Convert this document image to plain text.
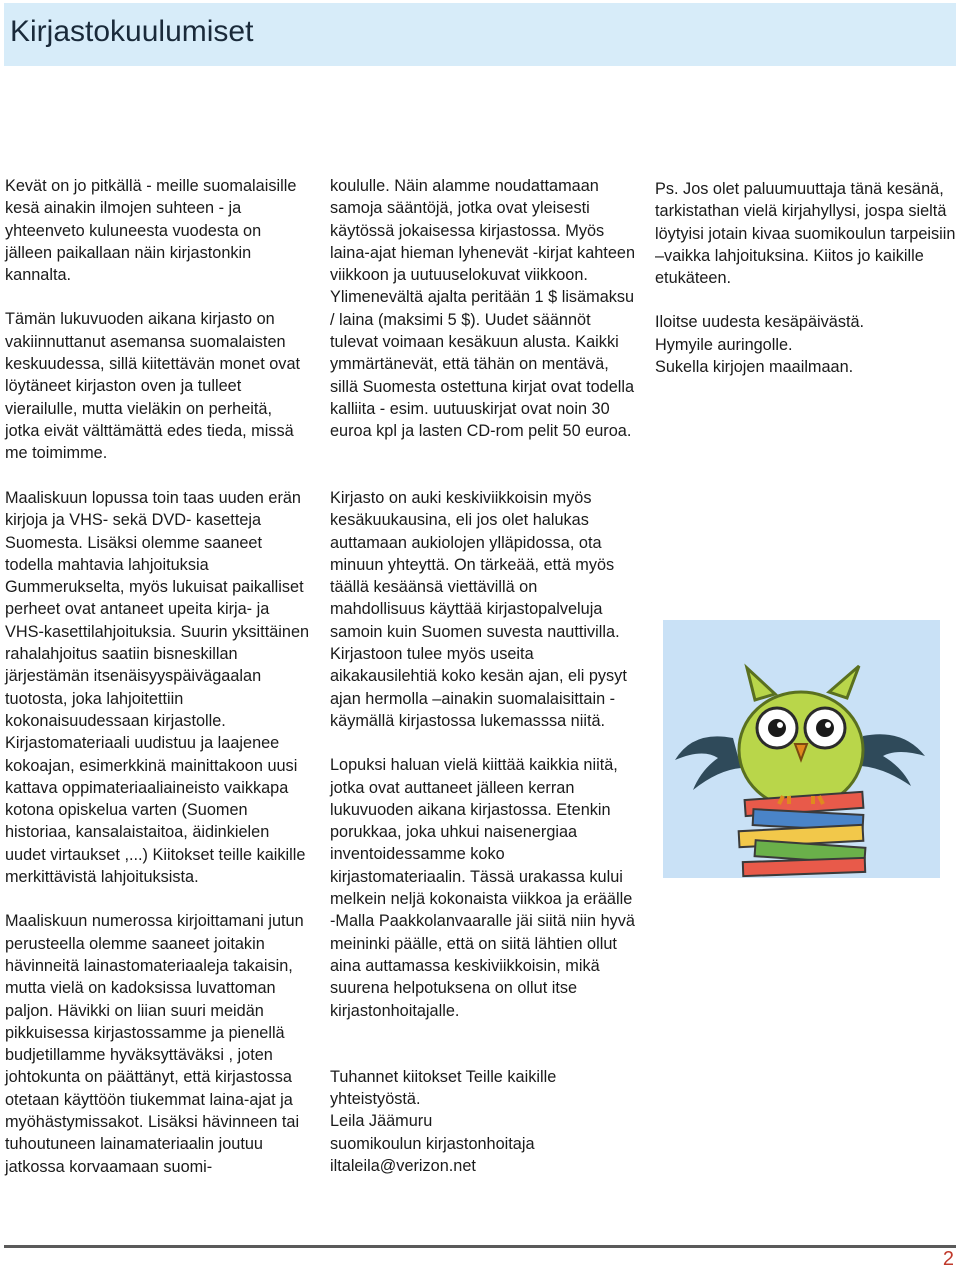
Kirjastokuulumiset

Kevät on jo pitkällä - meille suomalaisille kesä ainakin ilmojen suhteen - ja yhteenveto kuluneesta vuodesta on jälleen paikallaan näin kirjastonkin kannalta.

Tämän lukuvuoden aikana kirjasto on vakiinnuttanut asemansa suomalaisten keskuudessa, sillä kiitettävän monet ovat löytäneet kirjaston oven ja tulleet vierailulle, mutta vieläkin on perheitä, jotka eivät välttämättä edes tieda, missä me toimimme.

Maaliskuun lopussa toin taas uuden erän kirjoja ja VHS- sekä DVD- kasetteja Suomesta. Lisäksi olemme saaneet todella mahtavia lahjoituksia Gummerukselta, myös lukuisat paikalliset perheet ovat antaneet upeita kirja- ja VHS-kasettilahjoituksia. Suurin yksittäinen rahalahjoitus saatiin bisneskillan järjestämän itsenäisyyspäivägaalan tuotosta, joka lahjoitettiin kokonaisuudessaan kirjastolle. Kirjastomateriaali uudistuu ja laajenee kokoajan, esimerkkinä mainittakoon uusi kattava oppimateriaaliaineisto vaikkapa kotona opiskelua varten (Suomen historiaa, kansalaistaitoa, äidinkielen uudet virtaukset ,...) Kiitokset teille kaikille merkittävistä lahjoituksista.

Maaliskuun numerossa kirjoittamani jutun perusteella olemme saaneet joitakin hävinneitä lainastomateriaaleja takaisin, mutta vielä on kadoksissa luvattoman paljon. Hävikki on liian suuri meidän pikkuisessa kirjastossamme ja pienellä budjetillamme hyväksyttäväksi , joten johtokunta on päättänyt, että kirjastossa otetaan käyttöön tiukemmat laina-ajat ja myöhästymissakot. Lisäksi hävinneen tai tuhoutuneen lainamateriaalin joutuu jatkossa korvaamaan suomi-

koululle. Näin alamme noudattamaan samoja sääntöjä, jotka ovat yleisesti käytössä jokaisessa kirjastossa. Myös laina-ajat hieman lyhenevät -kirjat kahteen viikkoon ja uutuuselokuvat viikkoon. Ylimenevältä ajalta peritään 1 $ lisämaksu / laina (maksimi 5 $). Uudet säännöt tulevat voimaan kesäkuun alusta. Kaikki ymmärtänevät, että tähän on mentävä, sillä Suomesta ostettuna kirjat ovat todella kalliita - esim. uutuuskirjat ovat noin 30 euroa kpl ja lasten CD-rom pelit 50 euroa.

Kirjasto on auki keskiviikkoisin myös kesäkuukausina, eli jos olet halukas auttamaan aukiolojen ylläpidossa, ota minuun yhteyttä. On tärkeää, että myös täällä kesäänsä viettävillä on mahdollisuus käyttää kirjastopalveluja samoin kuin Suomen suvesta nauttivilla. Kirjastoon tulee myös useita aikakausilehtiä koko kesän ajan, eli pysyt ajan hermolla –ainakin suomalaisittain - käymällä kirjastossa lukemasssa niitä.

Lopuksi haluan vielä kiittää kaikkia niitä, jotka ovat auttaneet jälleen kerran lukuvuoden aikana kirjastossa. Etenkin porukkaa, joka uhkui naisenergiaa inventoidessamme koko kirjastomateriaalin. Tässä urakassa kului melkein neljä kokonaista viikkoa ja eräälle -Malla Paakkolanvaaralle jäi siitä niin hyvä meininki päälle, että on siitä lähtien ollut aina auttamassa keskiviikkoisin, mikä suurena helpotuksena on ollut itse kirjastonhoitajalle.

Tuhannet kiitokset Teille kaikille yhteistyöstä.

Leila Jäämuru
suomikoulun kirjastonhoitaja
iltaleila@verizon.net

Ps. Jos olet paluumuuttaja tänä kesänä, tarkistathan vielä kirjahyllysi, jospa sieltä löytyisi jotain kivaa suomikoulun tarpeisiin –vaikka lahjoituksina. Kiitos jo kaikille etukäteen.

Iloitse uudesta kesäpäivästä.
Hymyile auringolle.
Sukella kirjojen maailmaan.
2
